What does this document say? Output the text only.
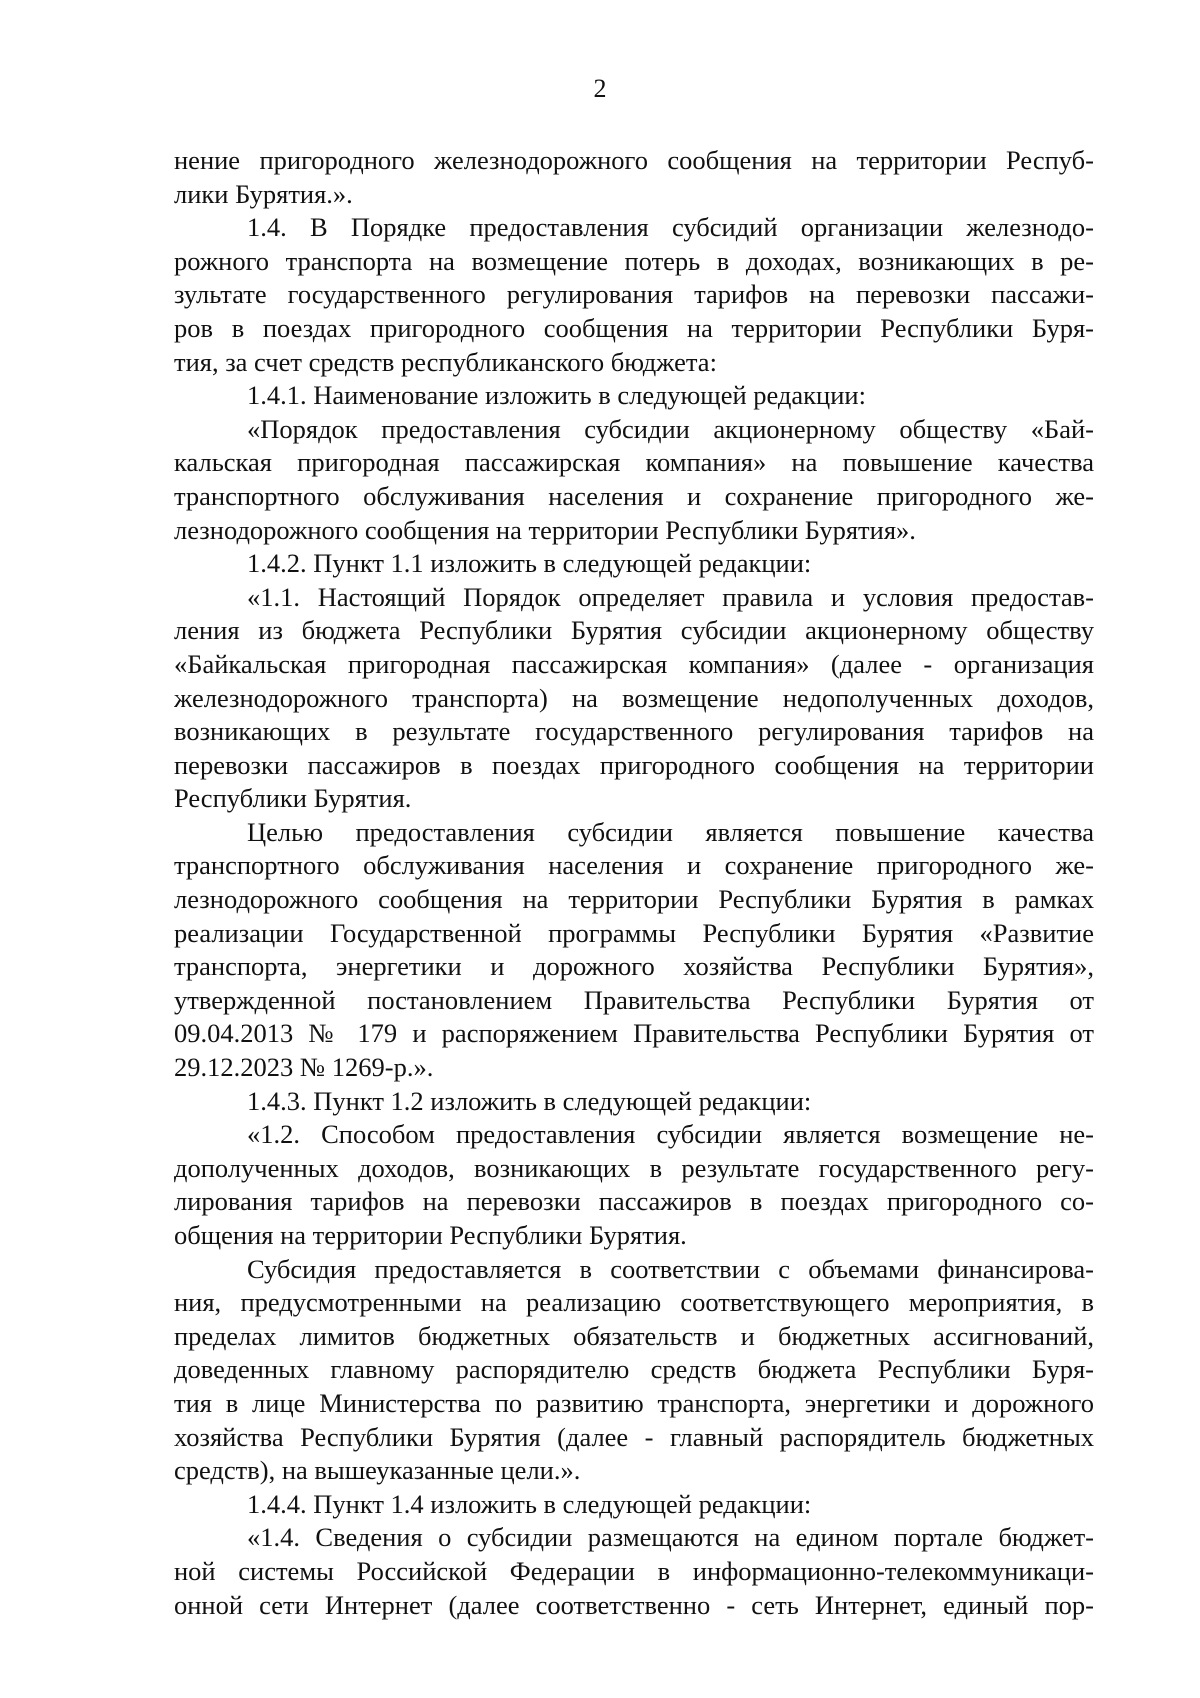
2
нение пригородного железнодорожного сообщения на территории Респуб-
лики Бурятия.».
1.4. В Порядке предоставления субсидий организации железнодо-
рожного транспорта на возмещение потерь в доходах, возникающих в ре-
зультате государственного регулирования тарифов на перевозки пассажи-
ров в поездах пригородного сообщения на территории Республики Буря-
тия, за счет средств республиканского бюджета:
1.4.1. Наименование изложить в следующей редакции:
«Порядок предоставления субсидии акционерному обществу «Бай-
кальская пригородная пассажирская компания» на повышение качества
транспортного обслуживания населения и сохранение пригородного же-
лезнодорожного сообщения на территории Республики Бурятия».
1.4.2. Пункт 1.1 изложить в следующей редакции:
«1.1. Настоящий Порядок определяет правила и условия предостав-
ления из бюджета Республики Бурятия субсидии акционерному обществу
«Байкальская пригородная пассажирская компания» (далее - организация
железнодорожного транспорта) на возмещение недополученных доходов,
возникающих в результате государственного регулирования тарифов на
перевозки пассажиров в поездах пригородного сообщения на территории
Республики Бурятия.
Целью предоставления субсидии является повышение качества
транспортного обслуживания населения и сохранение пригородного же-
лезнодорожного сообщения на территории Республики Бурятия в рамках
реализации Государственной программы Республики Бурятия «Развитие
транспорта, энергетики и дорожного хозяйства Республики Бурятия»,
утвержденной постановлением Правительства Республики Бурятия от
09.04.2013 № 179 и распоряжением Правительства Республики Бурятия от
29.12.2023 № 1269-р.».
1.4.3. Пункт 1.2 изложить в следующей редакции:
«1.2. Способом предоставления субсидии является возмещение не-
дополученных доходов, возникающих в результате государственного регу-
лирования тарифов на перевозки пассажиров в поездах пригородного со-
общения на территории Республики Бурятия.
Субсидия предоставляется в соответствии с объемами финансирова-
ния, предусмотренными на реализацию соответствующего мероприятия, в
пределах лимитов бюджетных обязательств и бюджетных ассигнований,
доведенных главному распорядителю средств бюджета Республики Буря-
тия в лице Министерства по развитию транспорта, энергетики и дорожного
хозяйства Республики Бурятия (далее - главный распорядитель бюджетных
средств), на вышеуказанные цели.».
1.4.4. Пункт 1.4 изложить в следующей редакции:
«1.4. Сведения о субсидии размещаются на едином портале бюджет-
ной системы Российской Федерации в информационно-телекоммуникаци-
онной сети Интернет (далее соответственно - сеть Интернет, единый пор-
